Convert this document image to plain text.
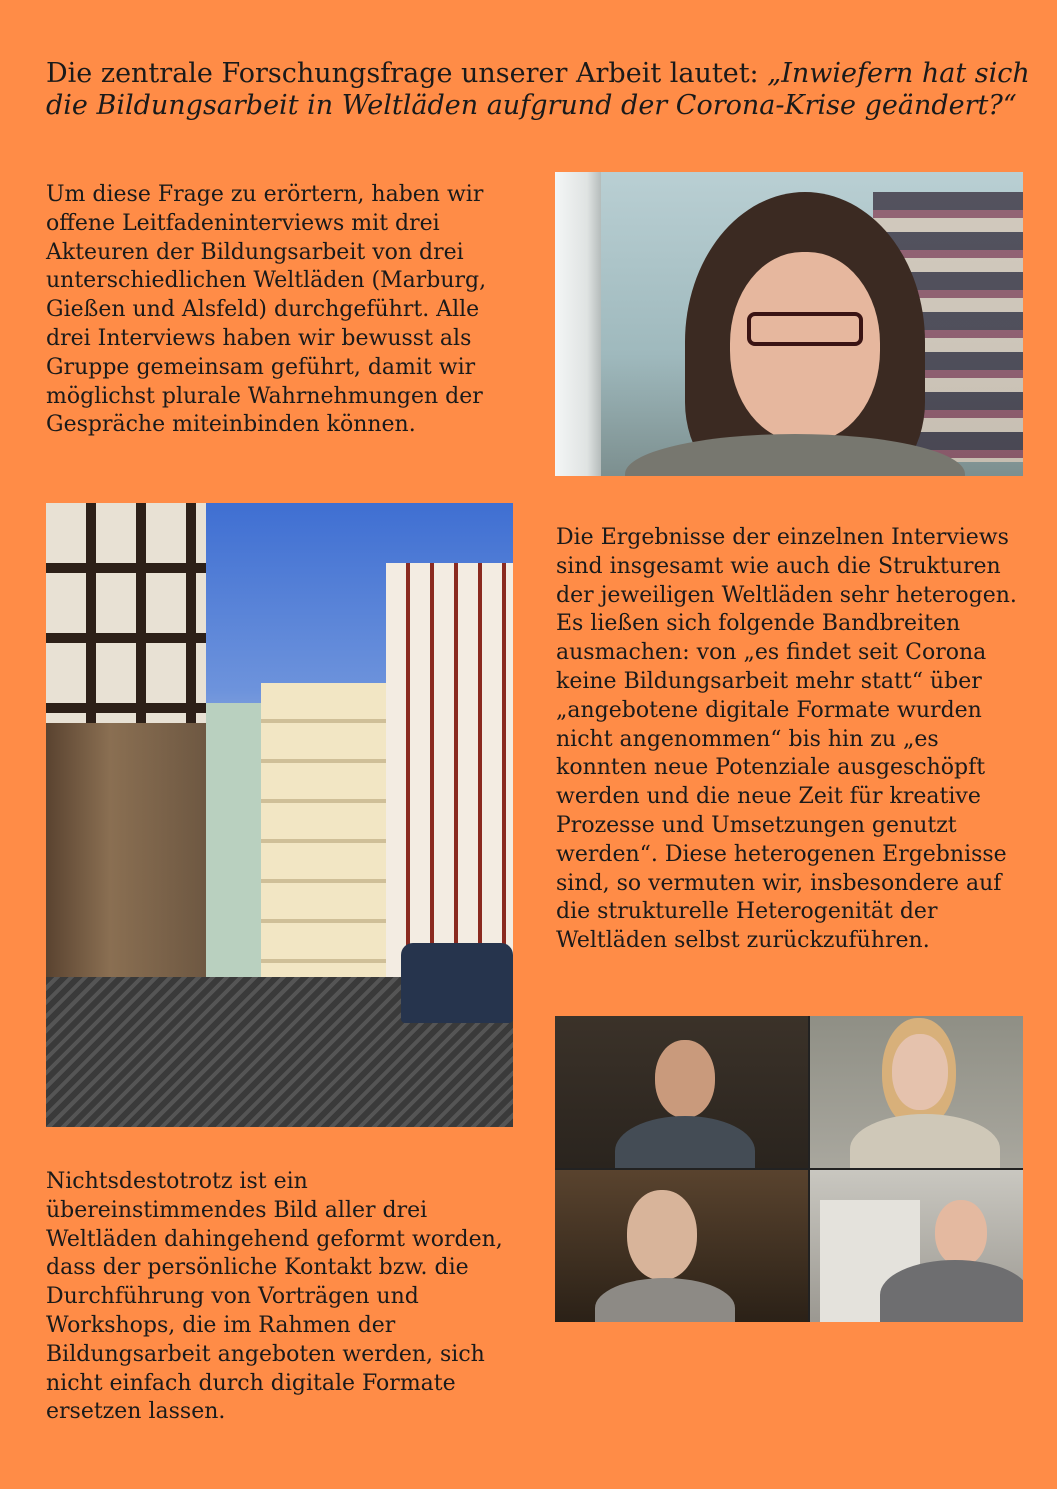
Die zentrale Forschungsfrage unserer Arbeit lautet: „Inwiefern hat sich die Bildungsarbeit in Weltläden aufgrund der Corona-Krise geändert?“

Um diese Frage zu erörtern, haben wir offene Leitfadeninterviews mit drei Akteuren der Bildungsarbeit von drei unterschiedlichen Weltläden (Marburg, Gießen und Alsfeld) durchgeführt. Alle drei Interviews haben wir bewusst als Gruppe gemeinsam geführt, damit wir möglichst plurale Wahrnehmungen der Gespräche miteinbinden können.

Die Ergebnisse der einzelnen Interviews sind insgesamt wie auch die Strukturen der jeweiligen Weltläden sehr heterogen. Es ließen sich folgende Bandbreiten ausmachen: von „es findet seit Corona keine Bildungsarbeit mehr statt“ über „angebotene digitale Formate wurden nicht angenommen“ bis hin zu „es konnten neue Potenziale ausgeschöpft werden und die neue Zeit für kreative Prozesse und Umsetzungen genutzt werden“. Diese heterogenen Ergebnisse sind, so vermuten wir, insbesondere auf die strukturelle Heterogenität der Weltläden selbst zurückzuführen.

Nichtsdestotrotz ist ein übereinstimmendes Bild aller drei Weltläden dahingehend geformt worden, dass der persönliche Kontakt bzw. die Durchführung von Vorträgen und Workshops, die im Rahmen der Bildungsarbeit angeboten werden, sich nicht einfach durch digitale Formate ersetzen lassen.
